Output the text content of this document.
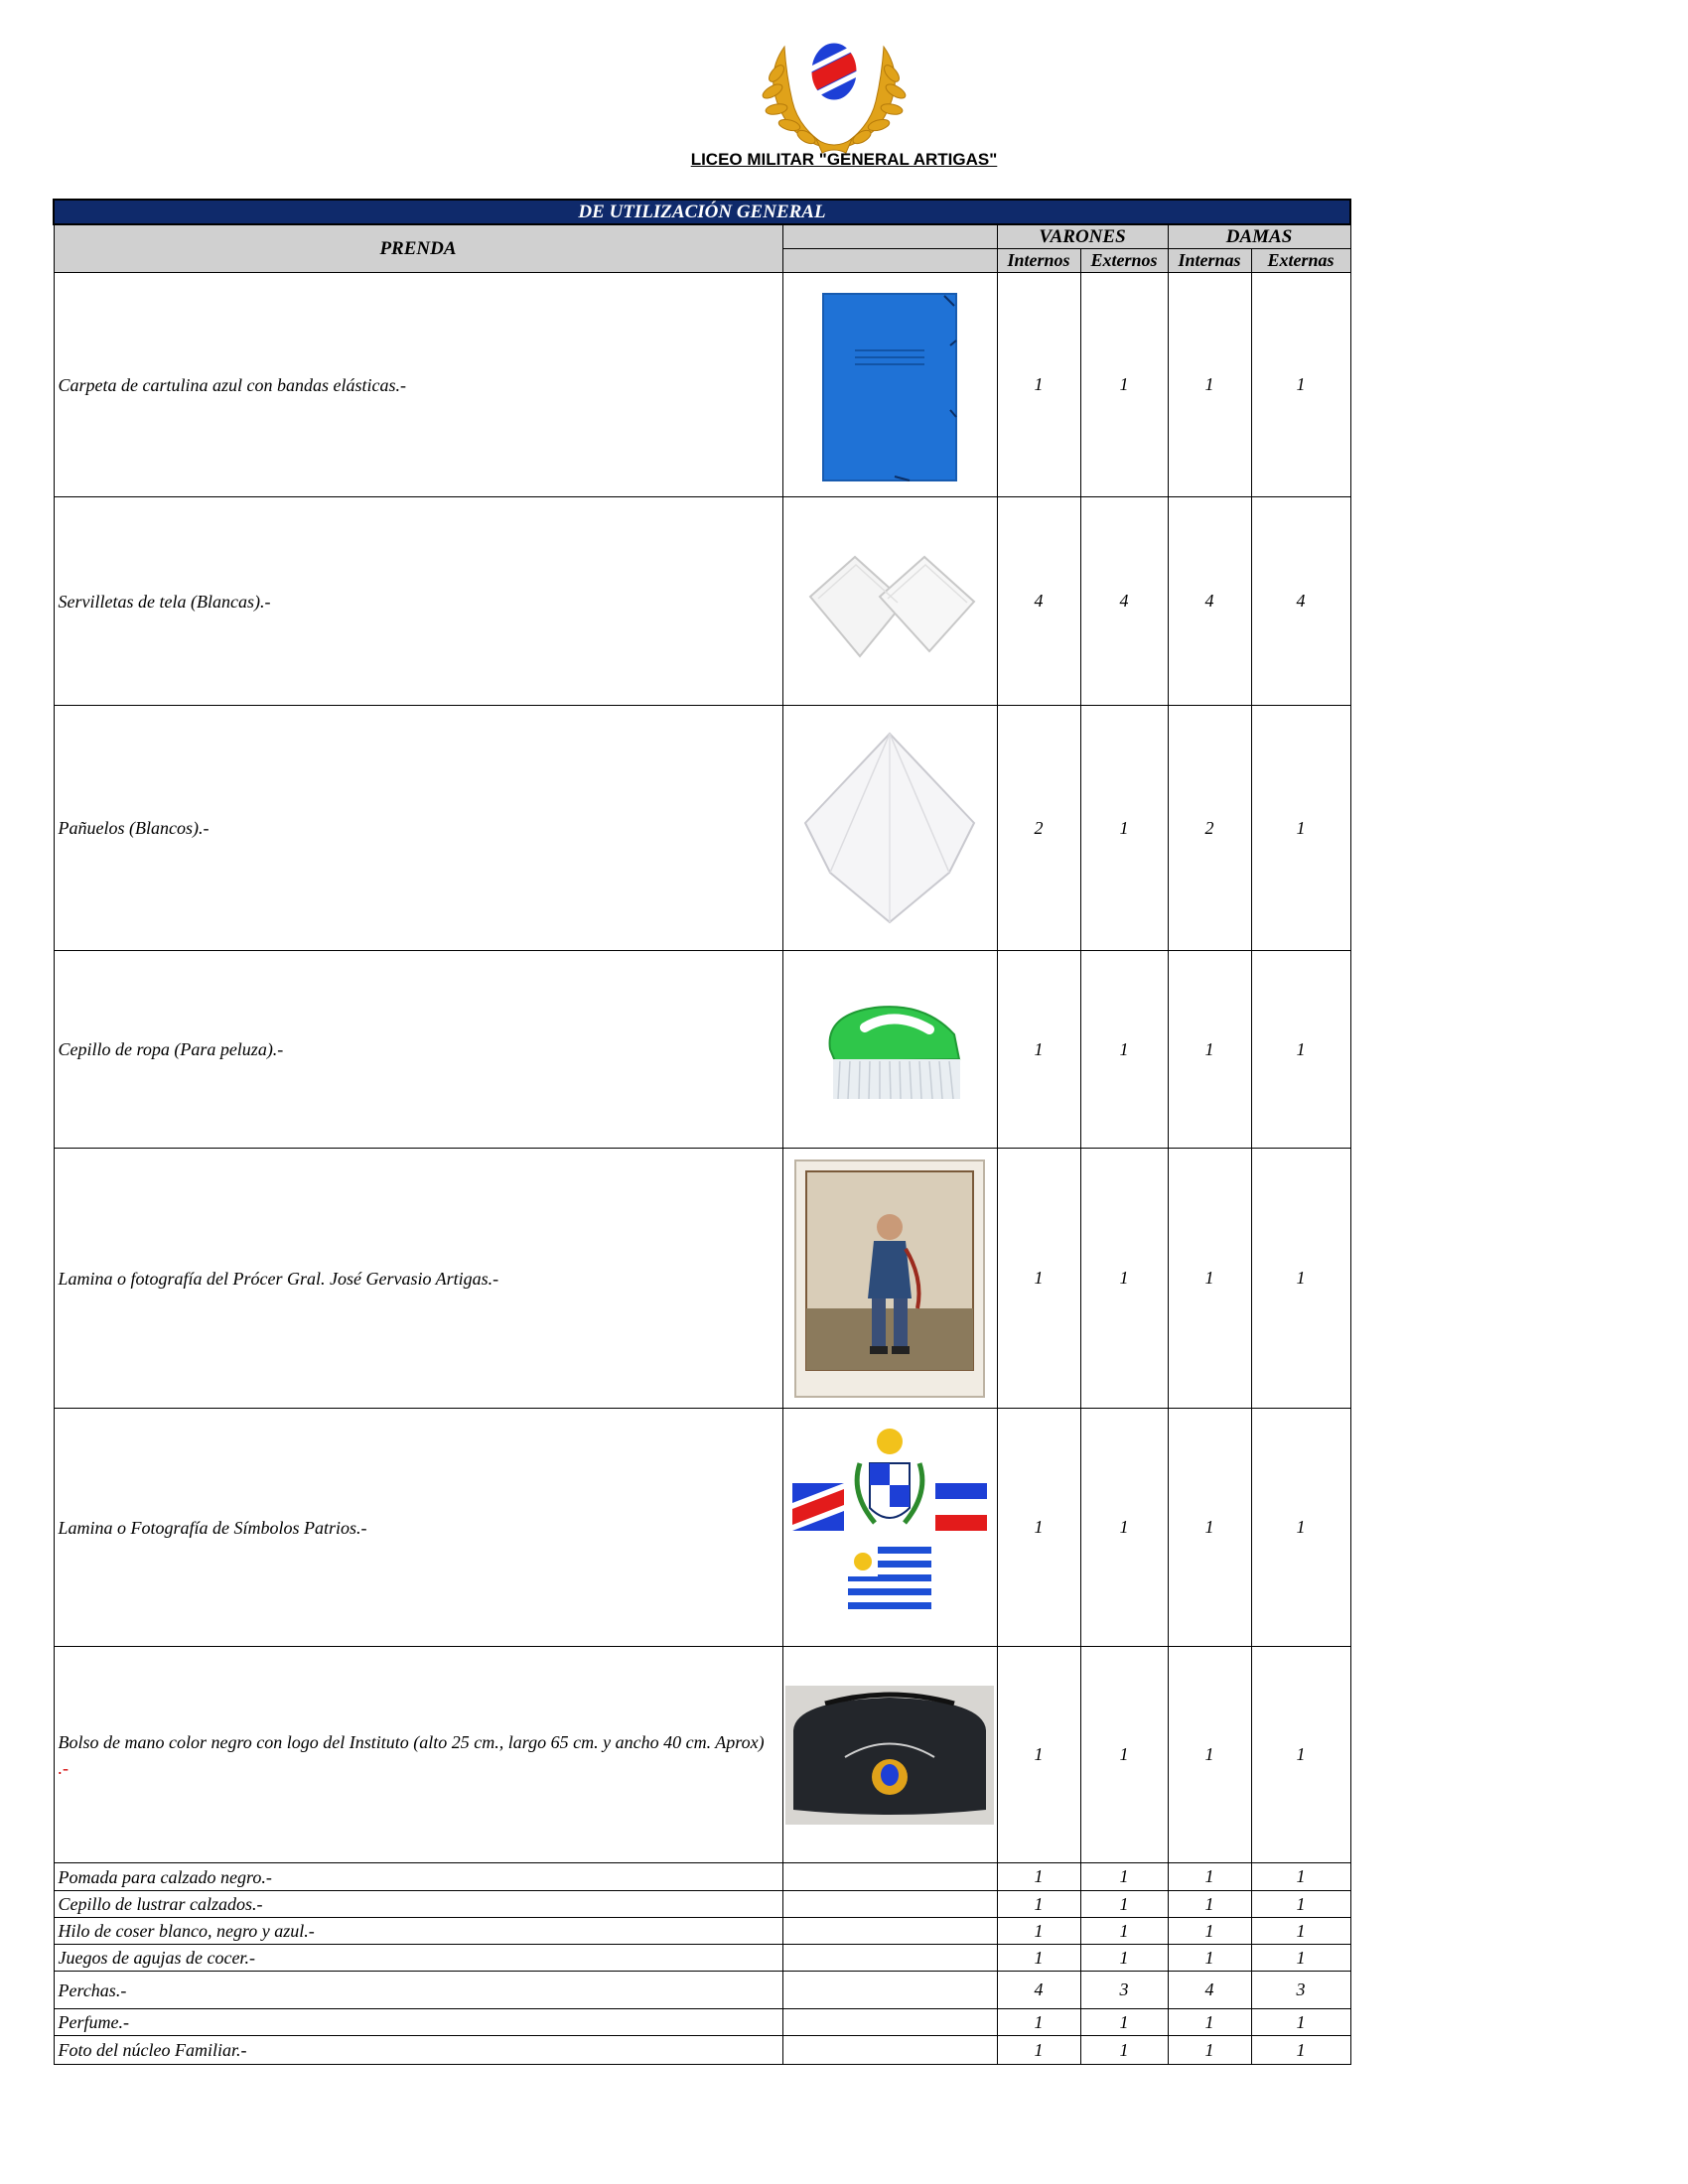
LICEO MILITAR "GENERAL ARTIGAS"
DE UTILIZACIÓN GENERAL					
PRENDA		VARONES		DAMAS	
		Internos	Externos	Internas	Externas
Carpeta de cartulina azul con bandas elásticas.-		1	1	1	1
Servilletas de tela (Blancas).-		4	4	4	4
Pañuelos (Blancos).-		2	1	2	1
Cepillo de ropa (Para peluza).-		1	1	1	1
Lamina o fotografía del Prócer Gral. José Gervasio Artigas.-		1	1	1	1
Lamina o Fotografía de Símbolos Patrios.-		1	1	1	1
Bolso de mano color negro con logo del Instituto (alto 25 cm., largo 65 cm. y ancho 40 cm. Aprox) .-		1	1	1	1
Pomada para calzado negro.-		1	1	1	1
Cepillo de lustrar calzados.-		1	1	1	1
Hilo de coser blanco, negro y azul.-		1	1	1	1
Juegos de agujas de cocer.-		1	1	1	1
Perchas.-		4	3	4	3
Perfume.-		1	1	1	1
Foto del núcleo Familiar.-		1	1	1	1
